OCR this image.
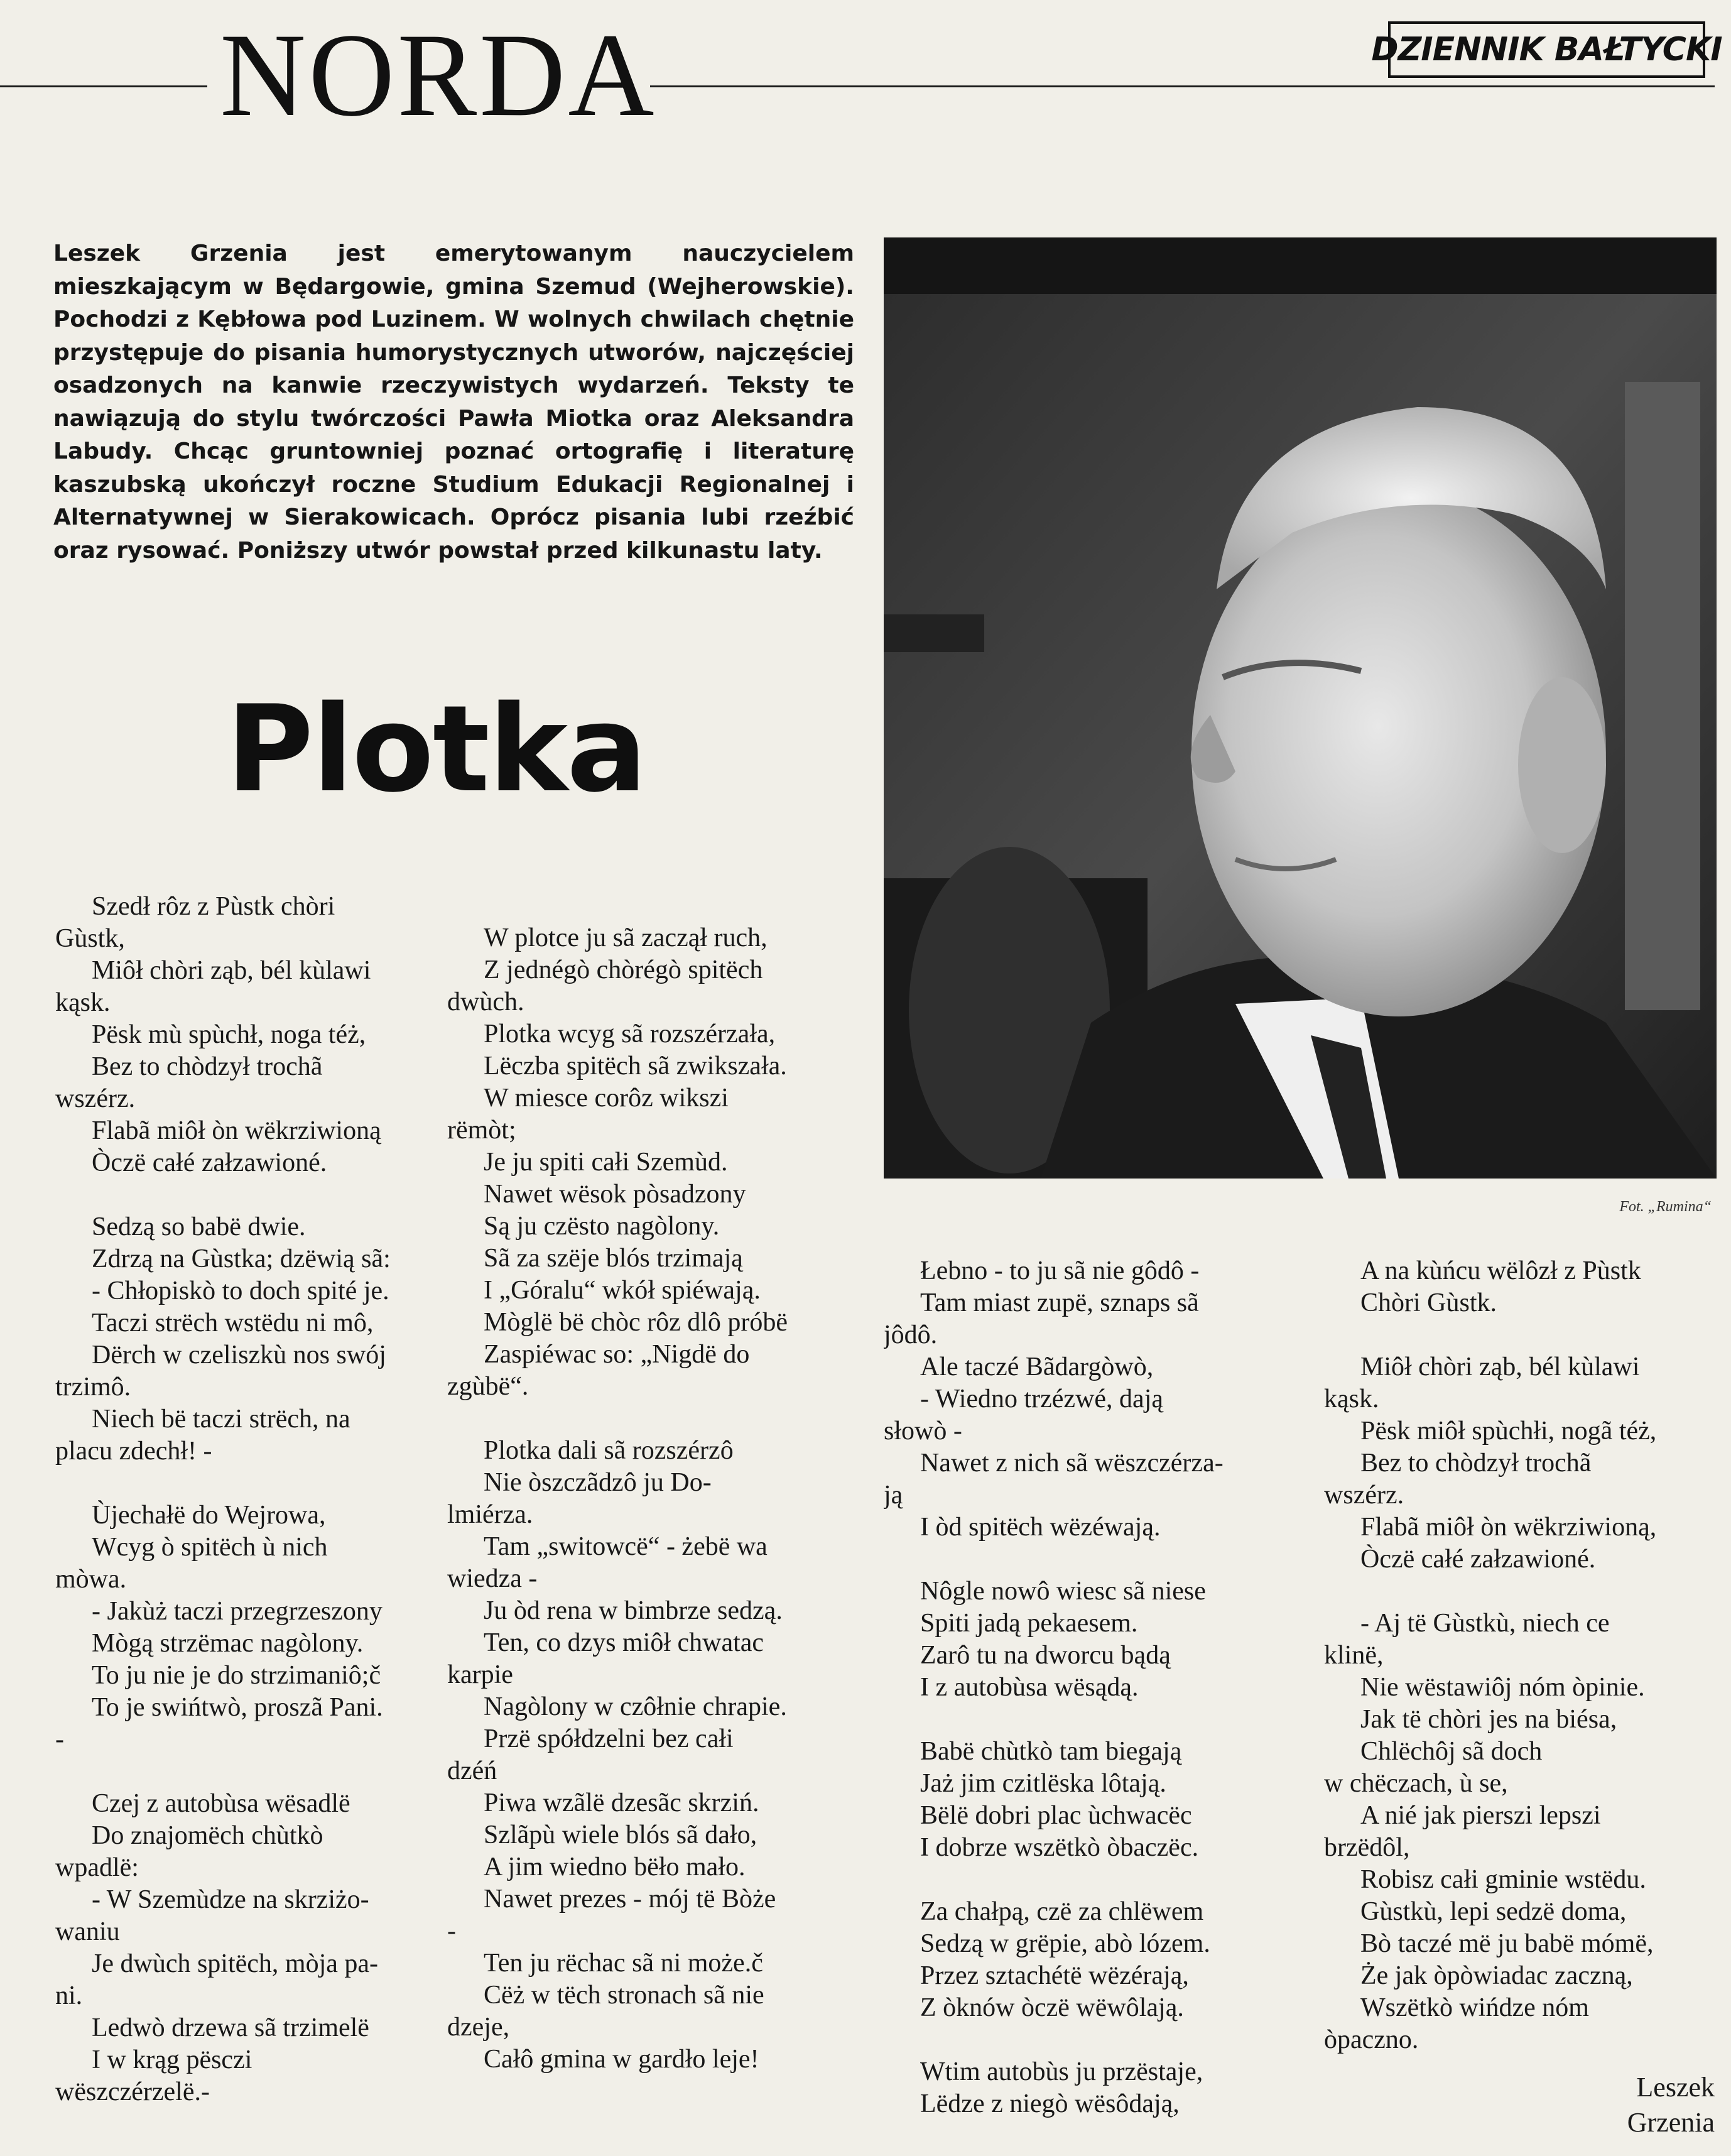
NORDA	DZIENNIK BAŁTYCKI

Leszek Grzenia jest emerytowanym nauczycielem mieszkającym w Będargowie, gmina Szemud (Wejherowskie). Pochodzi z Kębłowa pod Luzinem. W wolnych chwilach chętnie przystępuje do pisania humorystycznych utworów, najczęściej osadzonych na kanwie rzeczywistych wydarzeń. Teksty te nawiązują do stylu twórczości Pawła Miotka oraz Aleksandra Labudy. Chcąc gruntowniej poznać ortografię i literaturę kaszubską ukończył roczne Studium Edukacji Regionalnej i Alternatywnej w Sierakowicach. Oprócz pisania lubi rzeźbić oraz rysować. Poniższy utwór powstał przed kilkunastu laty.

Plotka
Fot. „Rumina“

Szedł rôz z Pùstk chòri

Gùstk,

Miôł chòri ząb, bél kùlawi

kąsk.

Pësk mù spùchł, noga téż,

Bez to chòdzył trochã

wszérz.

Flabã miôł òn wëkrziwioną

Òczë całé załzawioné.

Sedzą so babë dwie.

Zdrzą na Gùstka; dzëwią sã:

- Chłopiskò to doch spité je.

Taczi strëch wstëdu ni mô,

Dërch w czeliszkù nos swój

trzimô.

Niech bë taczi strëch, na

placu zdechł! -

Ùjechałë do Wejrowa,

Wcyg ò spitëch ù nich

mòwa.

- Jakùż taczi przegrzeszony

Mògą strzëmac nagòlony.

To ju nie je do strzimaniô;č

To je swińtwò, proszã Pani.

-

Czej z autobùsa wësadlë

Do znajomëch chùtkò

wpadlë:

- W Szemùdze na skrziżo-

waniu

Je dwùch spitëch, mòja pa-

ni.

Ledwò drzewa sã trzimelë

I w krąg pësczi

wëszczérzelë.-

W plotce ju sã zaczął ruch,

Z jednégò chòrégò spitëch

dwùch.

Plotka wcyg sã rozszérzała,

Lëczba spitëch sã zwikszała.

W miesce corôz wikszi

rëmòt;

Je ju spiti całi Szemùd.

Nawet wësok pòsadzony

Są ju czësto nagòlony.

Sã za szëje blós trzimają

I „Góralu“ wkół spiéwają.

Mòglë bë chòc rôz dlô próbë

Zaspiéwac so: „Nigdë do

zgùbë“.

Plotka dali sã rozszérzô

Nie òszczãdzô ju Do-

lmiérza.

Tam „switowcë“ - żebë wa

wiedza -

Ju òd rena w bimbrze sedzą.

Ten, co dzys miôł chwatac

karpie

Nagòlony w czôłnie chrapie.

Przë spółdzelni bez całi

dzéń

Piwa wzãlë dzesãc skrziń.

Szlãpù wiele blós sã dało,

A jim wiedno bëło mało.

Nawet prezes - mój të Bòże

-

Ten ju rëchac sã ni może.č

Cëż w tëch stronach sã nie

dzeje,

Całô gmina w gardło leje!

Łebno - to ju sã nie gôdô -

Tam miast zupë, sznaps sã

jôdô.

Ale taczé Bãdargòwò,

- Wiedno trzézwé, dają

słowò -

Nawet z nich sã wëszczérza-

ją

I òd spitëch wëzéwają.

Nôgle nowô wiesc sã niese

Spiti jadą pekaesem.

Zarô tu na dworcu bądą

I z autobùsa wësądą.

Babë chùtkò tam biegają

Jaż jim czitlëska lôtają.

Bëlë dobri plac ùchwacëc

I dobrze wszëtkò òbaczëc.

Za chałpą, czë za chlëwem

Sedzą w grëpie, abò lózem.

Przez sztachétë wëzérają,

Z òknów òczë wëwôlają.

Wtim autobùs ju przëstaje,

Lëdze z niegò wësôdają,

A na kùńcu wëlôzł z Pùstk

Chòri Gùstk.

Miôł chòri ząb, bél kùlawi

kąsk.

Pësk miôł spùchłi, nogã téż,

Bez to chòdzył trochã

wszérz.

Flabã miôł òn wëkrziwioną,

Òczë całé załzawioné.

- Aj të Gùstkù, niech ce

klinë,

Nie wëstawiôj nóm òpinie.

Jak të chòri jes na biésa,

Chlëchôj sã doch

w chëczach, ù se,

A nié jak pierszi lepszi

brzëdôl,

Robisz całi gminie wstëdu.

Gùstkù, lepi sedzë doma,

Bò taczé më ju babë mómë,

Że jak òpòwiadac zaczną,

Wszëtkò wińdze nóm

òpaczno.

Leszek Grzenia
